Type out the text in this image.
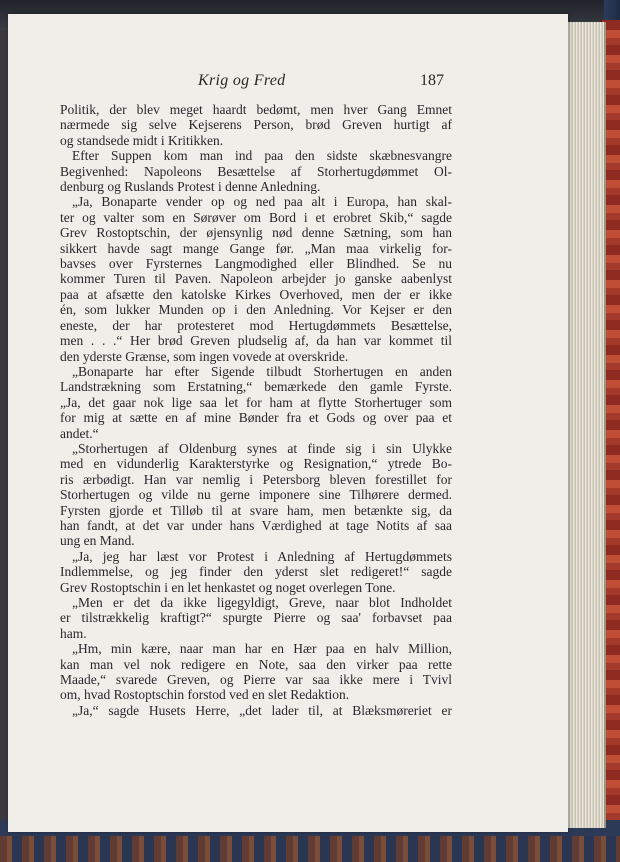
Krig og Fred	187

Politik, der blev meget haardt bedømt, men hver Gang Emnet

nærmede sig selve Kejserens Person, brød Greven hurtigt af

og standsede midt i Kritikken.

Efter Suppen kom man ind paa den sidste skæbnesvangre

Begivenhed: Napoleons Besættelse af Storhertugdømmet Ol-

denburg og Ruslands Protest i denne Anledning.

„Ja, Bonaparte vender op og ned paa alt i Europa, han skal-

ter og valter som en Sørøver om Bord i et erobret Skib,“ sagde

Grev Rostoptschin, der øjensynlig nød denne Sætning, som han

sikkert havde sagt mange Gange før. „Man maa virkelig for-

bavses over Fyrsternes Langmodighed eller Blindhed. Se nu

kommer Turen til Paven. Napoleon arbejder jo ganske aabenlyst

paa at afsætte den katolske Kirkes Overhoved, men der er ikke

én, som lukker Munden op i den Anledning. Vor Kejser er den

eneste, der har protesteret mod Hertugdømmets Besættelse,

men . . .“ Her brød Greven pludselig af, da han var kommet til

den yderste Grænse, som ingen vovede at overskride.

„Bonaparte har efter Sigende tilbudt Storhertugen en anden

Landstrækning som Erstatning,“ bemærkede den gamle Fyrste.

„Ja, det gaar nok lige saa let for ham at flytte Storhertuger som

for mig at sætte en af mine Bønder fra et Gods og over paa et

andet.“

„Storhertugen af Oldenburg synes at finde sig i sin Ulykke

med en vidunderlig Karakterstyrke og Resignation,“ ytrede Bo-

ris ærbødigt. Han var nemlig i Petersborg bleven forestillet for

Storhertugen og vilde nu gerne imponere sine Tilhørere dermed.

Fyrsten gjorde et Tilløb til at svare ham, men betænkte sig, da

han fandt, at det var under hans Værdighed at tage Notits af saa

ung en Mand.

„Ja, jeg har læst vor Protest i Anledning af Hertugdømmets

Indlemmelse, og jeg finder den yderst slet redigeret!“ sagde

Grev Rostoptschin i en let henkastet og noget overlegen Tone.

„Men er det da ikke ligegyldigt, Greve, naar blot Indholdet

er tilstrækkelig kraftigt?“ spurgte Pierre og saa' forbavset paa

ham.

„Hm, min kære, naar man har en Hær paa en halv Million,

kan man vel nok redigere en Note, saa den virker paa rette

Maade,“ svarede Greven, og Pierre var saa ikke mere i Tvivl

om, hvad Rostoptschin forstod ved en slet Redaktion.

„Ja,“ sagde Husets Herre, „det lader til, at Blæksmøreriet er
